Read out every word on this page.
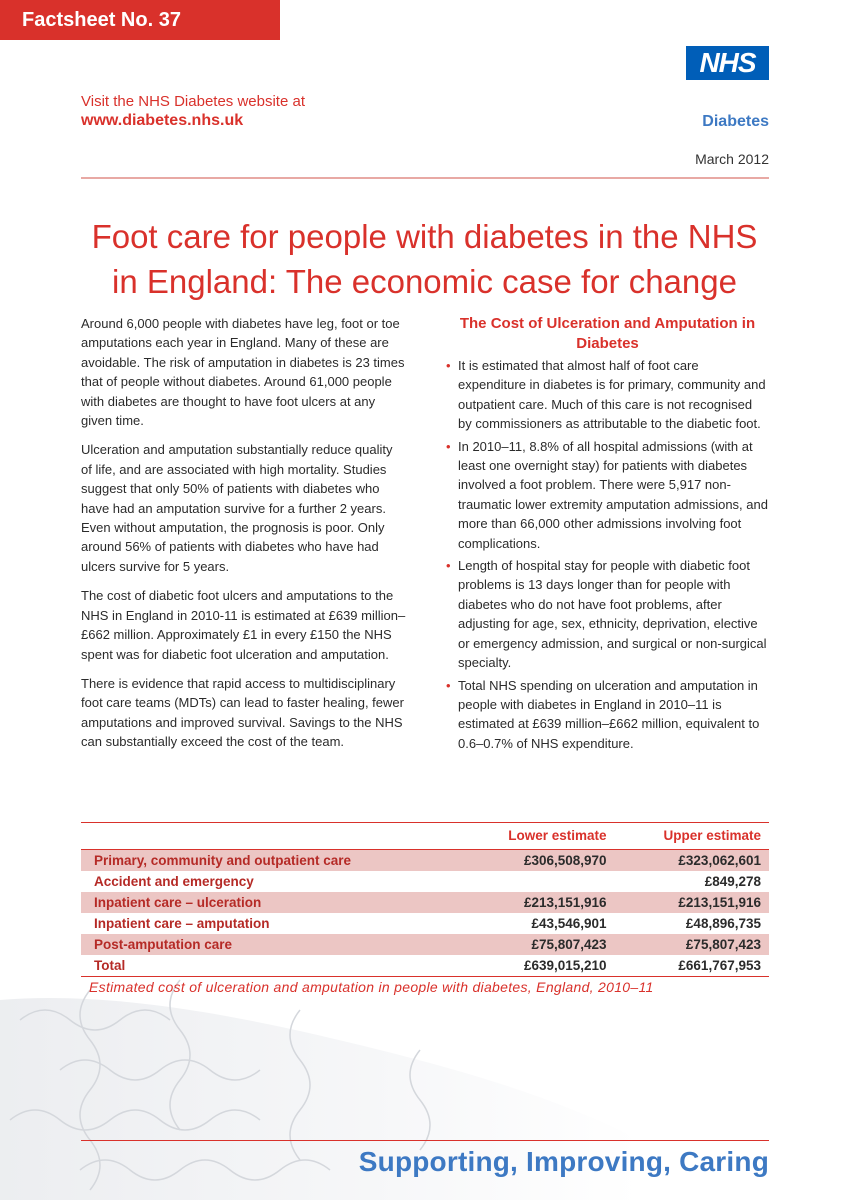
Factsheet No. 37
NHS
Visit the NHS Diabetes website at
www.diabetes.nhs.uk	Diabetes
March 2012
Foot care for people with diabetes in the NHS
in England: The economic case for change

Around 6,000 people with diabetes have leg, foot or toe amputations each year in England. Many of these are avoidable. The risk of amputation in diabetes is 23 times that of people without diabetes. Around 61,000 people with diabetes are thought to have foot ulcers at any given time.

Ulceration and amputation substantially reduce quality of life, and are associated with high mortality. Studies suggest that only 50% of patients with diabetes who have had an amputation survive for a further 2 years. Even without amputation, the prognosis is poor. Only around 56% of patients with diabetes who have had ulcers survive for 5 years.

The cost of diabetic foot ulcers and amputations to the NHS in England in 2010-11 is estimated at £639 million–£662 million. Approximately £1 in every £150 the NHS spent was for diabetic foot ulceration and amputation.

There is evidence that rapid access to multidisciplinary foot care teams (MDTs) can lead to faster healing, fewer amputations and improved survival. Savings to the NHS can substantially exceed the cost of the team.

The Cost of Ulceration and Amputation in Diabetes
• It is estimated that almost half of foot care expenditure in diabetes is for primary, community and outpatient care. Much of this care is not recognised by commissioners as attributable to the diabetic foot.
• In 2010–11, 8.8% of all hospital admissions (with at least one overnight stay) for patients with diabetes involved a foot problem. There were 5,917 non-traumatic lower extremity amputation admissions, and more than 66,000 other admissions involving foot complications.
• Length of hospital stay for people with diabetic foot problems is 13 days longer than for people with diabetes who do not have foot problems, after adjusting for age, sex, ethnicity, deprivation, elective or emergency admission, and surgical or non-surgical specialty.
• Total NHS spending on ulceration and amputation in people with diabetes in England in 2010–11 is estimated at £639 million–£662 million, equivalent to 0.6–0.7% of NHS expenditure.
	Lower estimate	Upper estimate
Primary, community and outpatient care	£306,508,970	£323,062,601
Accident and emergency		£849,278
Inpatient care – ulceration	£213,151,916	£213,151,916
Inpatient care – amputation	£43,546,901	£48,896,735
Post-amputation care	£75,807,423	£75,807,423
Total	£639,015,210	£661,767,953
Estimated cost of ulceration and amputation in people with diabetes, England, 2010–11
Supporting, Improving, Caring
